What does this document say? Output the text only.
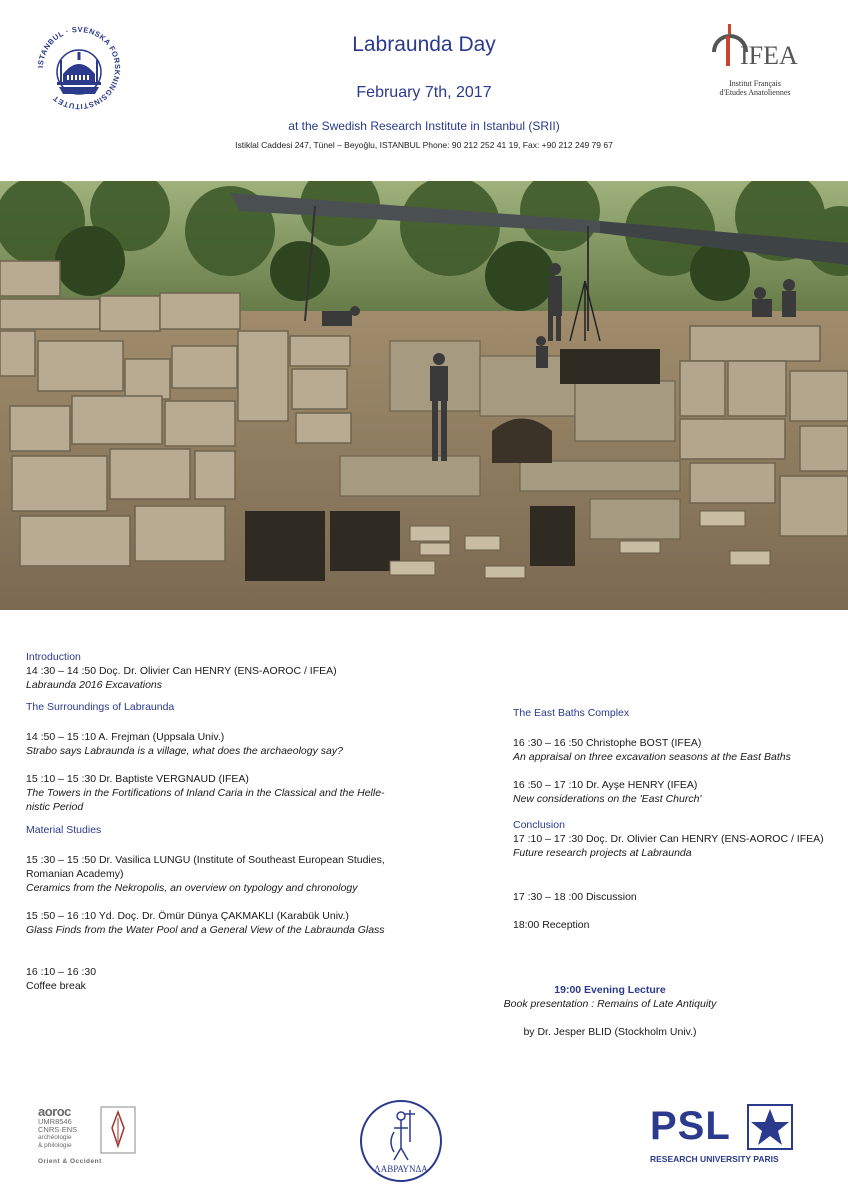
ISTANBUL · SVENSKA FORSKNINGSINSTITUTET
Labraunda Day
February 7th, 2017
at the Swedish Research Institute in Istanbul (SRII)
Istiklal Caddesi 247, Tünel – Beyoğlu, ISTANBUL Phone: 90 212 252 41 19, Fax: +90 212 249 79 67
IFEA
Institut Français
d'Etudes Anatoliennes
Introduction
14 :30 – 14 :50 Doç. Dr. Olivier Can HENRY (ENS-AOROC / IFEA)
Labraunda 2016 Excavations
The Surroundings of Labraunda
14 :50 – 15 :10 A. Frejman (Uppsala Univ.)
Strabo says Labraunda is a village, what does the archaeology say?
15 :10 – 15 :30 Dr. Baptiste VERGNAUD (IFEA)
The Towers in the Fortifications of Inland Caria in the Classical and the Helle-
nistic Period
Material Studies
15 :30 – 15 :50 Dr. Vasilica LUNGU (Institute of Southeast European Studies,
Romanian Academy)
Ceramics from the Nekropolis, an overview on typology and chronology
15 :50 – 16 :10 Yd. Doç. Dr. Ömür Dünya ÇAKMAKLI (Karabük Univ.)
Glass Finds from the Water Pool and a General View of the Labraunda Glass
16 :10 – 16 :30
Coffee break
The East Baths Complex
16 :30 – 16 :50 Christophe BOST (IFEA)
An appraisal on three excavation seasons at the East Baths
16 :50 – 17 :10 Dr. Ayşe HENRY (IFEA)
New considerations on the 'East Church'
Conclusion
17 :10 – 17 :30 Doç. Dr. Olivier Can HENRY (ENS-AOROC / IFEA)
Future research projects at Labraunda
17 :30 – 18 :00 Discussion
18:00 Reception
19:00 Evening Lecture
Book presentation : Remains of Late Antiquity
by Dr. Jesper BLID (Stockholm Univ.)
aoroc
UMR8546
CNRS·ENS
archéologie
& philologie
Orient & Occident
ΛΑΒΡΑΥΝΔΑ
PSL
RESEARCH UNIVERSITY PARIS
